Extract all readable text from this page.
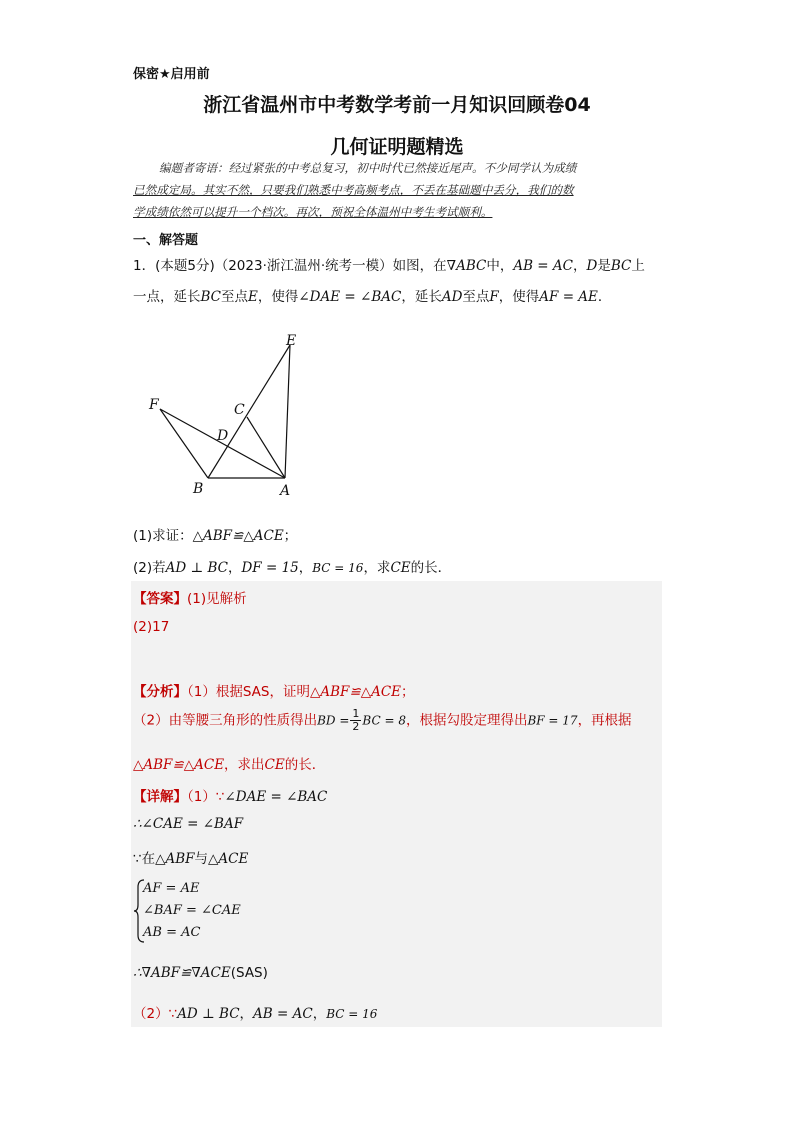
保密★启用前
浙江省温州市中考数学考前一月知识回顾卷04
几何证明题精选
编题者寄语：经过紧张的中考总复习，初中时代已然接近尾声。不少同学认为成绩
已然成定局。其实不然，只要我们熟悉中考高频考点，不丢在基础题中丢分，我们的数
学成绩依然可以提升一个档次。再次，预祝全体温州中考生考试顺利。
一、解答题
1．(本题5分)（2023·浙江温州·统考一模）如图，在∇ABC中，AB = AC，D是BC上
一点，延长BC至点E，使得∠DAE = ∠BAC，延长AD至点F，使得AF = AE．
E
F	C
D
B	A
(1)求证：△ABF≌△ACE；
(2)若AD ⊥ BC，DF = 15，BC = 16，求CE的长．
【答案】(1)见解析
(2)17
【分析】（1）根据SAS，证明△ABF≌△ACE；
（2）由等腰三角形的性质得出BD = $\frac{1}{2}$ BC = 8，根据勾股定理得出BF = 17，再根据
△ABF≌△ACE，求出CE的长．
【详解】（1）∵∠DAE = ∠BAC
∴∠CAE = ∠BAF
∵在△ABF与△ACE
AF = AE
∠BAF = ∠CAE
AB = AC
∴∇ABF≌∇ACE(SAS)
（2）∵AD ⊥ BC，AB = AC，BC = 16
